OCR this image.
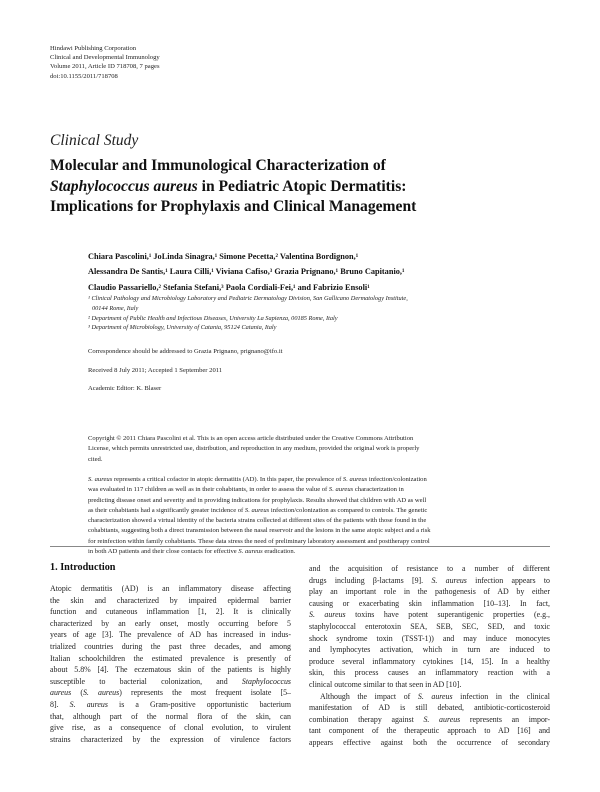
Hindawi Publishing Corporation
Clinical and Developmental Immunology
Volume 2011, Article ID 718708, 7 pages
doi:10.1155/2011/718708
Clinical Study
Molecular and Immunological Characterization of
Staphylococcus aureus in Pediatric Atopic Dermatitis:
Implications for Prophylaxis and Clinical Management
Chiara Pascolini,¹ JoLinda Sinagra,¹ Simone Pecetta,² Valentina Bordignon,¹
Alessandra De Santis,¹ Laura Cilli,¹ Viviana Cafiso,³ Grazia Prignano,¹ Bruno Capitanio,¹
Claudio Passariello,² Stefania Stefani,³ Paola Cordiali-Fei,¹ and Fabrizio Ensoli¹
¹ Clinical Pathology and Microbiology Laboratory and Pediatric Dermatology Division, San Gallicano Dermatology Institute,
00144 Rome, Italy
² Department of Public Health and Infectious Diseases, University La Sapienza, 00185 Rome, Italy
³ Department of Microbiology, University of Catania, 95124 Catania, Italy
Correspondence should be addressed to Grazia Prignano, prignano@ifo.it
Received 8 July 2011; Accepted 1 September 2011
Academic Editor: K. Blaser
Copyright © 2011 Chiara Pascolini et al. This is an open access article distributed under the Creative Commons Attribution
License, which permits unrestricted use, distribution, and reproduction in any medium, provided the original work is properly
cited.
S. aureus represents a critical cofactor in atopic dermatitis (AD). In this paper, the prevalence of S. aureus infection/colonization
was evaluated in 117 children as well as in their cohabitants, in order to assess the value of S. aureus characterization in
predicting disease onset and severity and in providing indications for prophylaxis. Results showed that children with AD as well
as their cohabitants had a significantly greater incidence of S. aureus infection/colonization as compared to controls. The genetic
characterization showed a virtual identity of the bacteria strains collected at different sites of the patients with those found in the
cohabitants, suggesting both a direct transmission between the nasal reservoir and the lesions in the same atopic subject and a risk
for reinfection within family cohabitants. These data stress the need of preliminary laboratory assessment and posttherapy control
in both AD patients and their close contacts for effective S. aureus eradication.
1. Introduction
Atopic dermatitis (AD) is an inflammatory disease affecting
the skin and characterized by impaired epidermal barrier
function and cutaneous inflammation [1, 2]. It is clinically
characterized by an early onset, mostly occurring before 5
years of age [3]. The prevalence of AD has increased in indus-
trialized countries during the past three decades, and among
Italian schoolchildren the estimated prevalence is presently of
about 5.8% [4]. The eczematous skin of the patients is highly
susceptible to bacterial colonization, and Staphylococcus
aureus (S. aureus) represents the most frequent isolate [5–
8]. S. aureus is a Gram-positive opportunistic bacterium
that, although part of the normal flora of the skin, can
give rise, as a consequence of clonal evolution, to virulent
strains characterized by the expression of virulence factors
and the acquisition of resistance to a number of different
drugs including β-lactams [9]. S. aureus infection appears to
play an important role in the pathogenesis of AD by either
causing or exacerbating skin inflammation [10–13]. In fact,
S. aureus toxins have potent superantigenic properties (e.g.,
staphylococcal enterotoxin SEA, SEB, SEC, SED, and toxic
shock syndrome toxin (TSST-1)) and may induce monocytes
and lymphocytes activation, which in turn are induced to
produce several inflammatory cytokines [14, 15]. In a healthy
skin, this process causes an inflammatory reaction with a
clinical outcome similar to that seen in AD [10].
Although the impact of S. aureus infection in the clinical
manifestation of AD is still debated, antibiotic-corticosteroid
combination therapy against S. aureus represents an impor-
tant component of the therapeutic approach to AD [16] and
appears effective against both the occurrence of secondary
